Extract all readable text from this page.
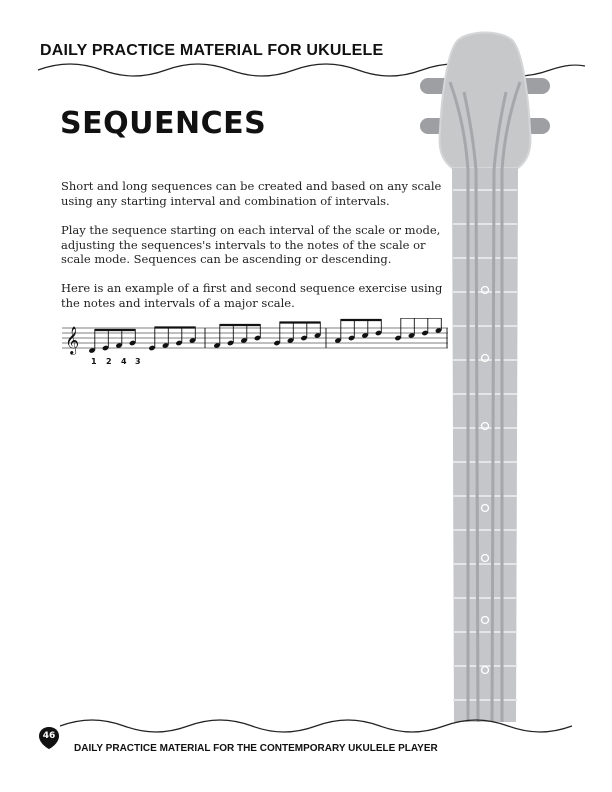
DAILY PRACTICE MATERIAL FOR UKULELE
SEQUENCES

Short and long sequences can be created and based on any scale using any starting interval and combination of intervals.

Play the sequence starting on each interval of the scale or mode, adjusting the sequences's intervals to the notes of the scale or scale mode. Sequences can be ascending or descending.

Here is an example of a first and second sequence exercise using the notes and intervals of a major scale.

𝄞
1 2 4 3
46
DAILY PRACTICE MATERIAL FOR THE CONTEMPORARY UKULELE PLAYER
